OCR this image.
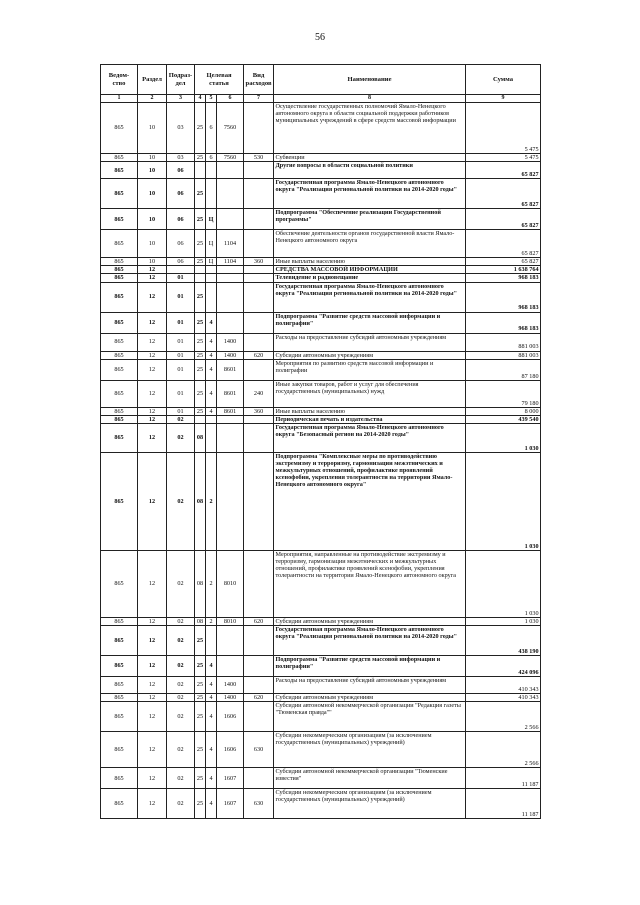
56
Ведом-ство	Раздел	Подраз-дел	Целевая статья			Вид расходов	Наименование	Сумма
1	2	3	4	5	6	7	8	9
865	10	03	25	6	7560		Осуществление государственных полномочий Ямало-Ненецкого автономного округа в области социальной поддержки работников муниципальных учреждений в сфере средств массовой информации	5 475
865	10	03	25	6	7560	530	Субвенции	5 475
865	10	06					Другие вопросы в области социальной политики	65 827
865	10	06	25				Государственная программа Ямало-Ненецкого автономного округа "Реализация региональной политики на 2014-2020 годы"	65 827
865	10	06	25	Ц			Подпрограмма "Обеспечение реализации Государственной программы"	65 827
865	10	06	25	Ц	1104		Обеспечение деятельности органов государственной власти Ямало-Ненецкого автономного округа	65 827
865	10	06	25	Ц	1104	360	Иные выплаты населению	65 827
865	12						СРЕДСТВА МАССОВОЙ ИНФОРМАЦИИ	1 638 764
865	12	01					Телевидение и радиовещание	968 183
865	12	01	25				Государственная программа Ямало-Ненецкого автономного округа "Реализация региональной политики на 2014-2020 годы"	968 183
865	12	01	25	4			Подпрограмма "Развитие средств массовой информации и полиграфии"	968 183
865	12	01	25	4	1400		Расходы на предоставление субсидий автономным учреждениям	881 003
865	12	01	25	4	1400	620	Субсидии автономным учреждениям	881 003
865	12	01	25	4	8601		Мероприятия по развитию средств массовой информации и полиграфии	87 180
865	12	01	25	4	8601	240	Иные закупки товаров, работ и услуг для обеспечения государственных (муниципальных) нужд	79 180
865	12	01	25	4	8601	360	Иные выплаты населению	8 000
865	12	02					Периодическая печать и издательства	439 540
865	12	02	08				Государственная программа Ямало-Ненецкого автономного округа "Безопасный регион на 2014-2020 годы"	1 030
865	12	02	08	2			Подпрограмма "Комплексные меры по противодействию экстремизму и терроризму, гармонизации межэтнических и межкультурных отношений, профилактике проявлений ксенофобии, укрепления толерантности на территории Ямало-Ненецкого автономного округа"	1 030
865	12	02	08	2	8010		Мероприятия, направленные на противодействие экстремизму и терроризму, гармонизации межэтнических и межкультурных отношений, профилактике проявлений ксенофобии, укрепления толерантности на территории Ямало-Ненецкого автономного округа	1 030
865	12	02	08	2	8010	620	Субсидии автономным учреждениям	1 030
865	12	02	25				Государственная программа Ямало-Ненецкого автономного округа "Реализация региональной политики на 2014-2020 годы"	438 190
865	12	02	25	4			Подпрограмма "Развитие средств массовой информации и полиграфии"	424 096
865	12	02	25	4	1400		Расходы на предоставление субсидий автономным учреждениям	410 343
865	12	02	25	4	1400	620	Субсидии автономным учреждениям	410 343
865	12	02	25	4	1606		Субсидии автономной некоммерческой организации "Редакция газеты "Тюменская правда""	2 566
865	12	02	25	4	1606	630	Субсидии некоммерческим организациям (за исключением государственных (муниципальных) учреждений)	2 566
865	12	02	25	4	1607		Субсидии автономной некоммерческой организации "Тюменские известия"	11 187
865	12	02	25	4	1607	630	Субсидии некоммерческим организациям (за исключением государственных (муниципальных) учреждений)	11 187
